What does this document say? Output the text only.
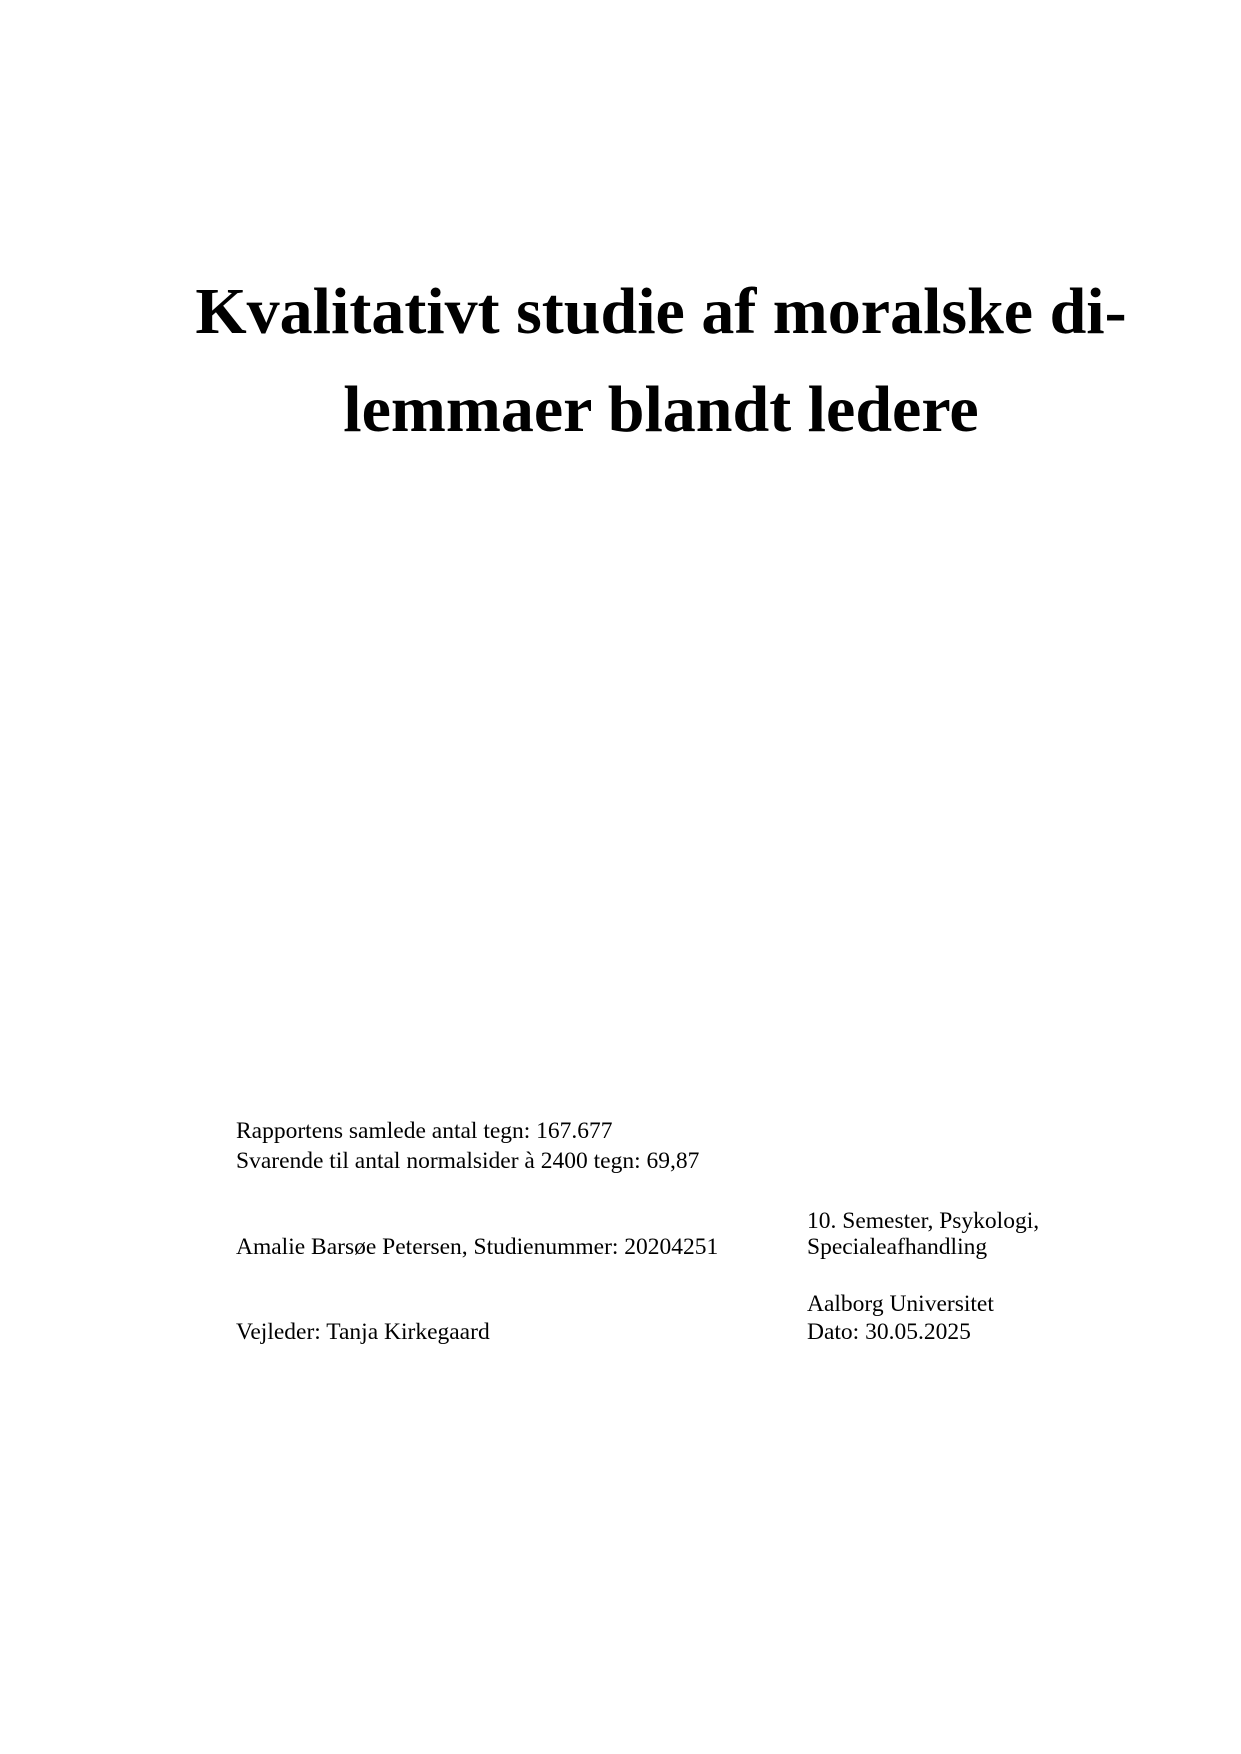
Kvalitativt studie af moralske di-
lemmaer blandt ledere
Rapportens samlede antal tegn: 167.677
Svarende til antal normalsider à 2400 tegn: 69,87
10. Semester, Psykologi,
Amalie Barsøe Petersen, Studienummer: 20204251	Specialeafhandling
Aalborg Universitet
Vejleder: Tanja Kirkegaard	Dato: 30.05.2025
